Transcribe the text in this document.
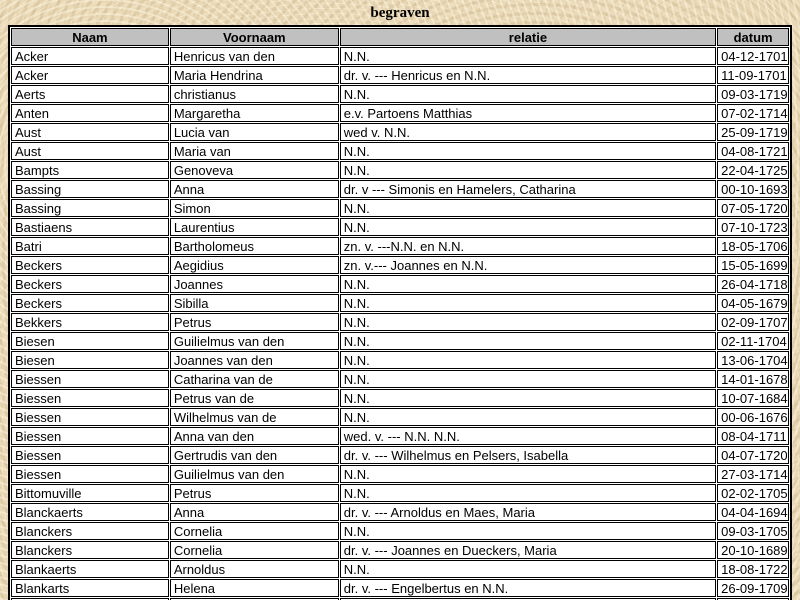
begraven
Naam	Voornaam	relatie	datum
Acker	Henricus van den	N.N.	04-12-1701
Acker	Maria Hendrina	dr. v. --- Henricus en N.N.	11-09-1701
Aerts	christianus	N.N.	09-03-1719
Anten	Margaretha	e.v. Partoens Matthias	07-02-1714
Aust	Lucia van	wed v. N.N.	25-09-1719
Aust	Maria van	N.N.	04-08-1721
Bampts	Genoveva	N.N.	22-04-1725
Bassing	Anna	dr. v --- Simonis en Hamelers, Catharina	00-10-1693
Bassing	Simon	N.N.	07-05-1720
Bastiaens	Laurentius	N.N.	07-10-1723
Batri	Bartholomeus	zn. v. ---N.N. en N.N.	18-05-1706
Beckers	Aegidius	zn. v.--- Joannes en N.N.	15-05-1699
Beckers	Joannes	N.N.	26-04-1718
Beckers	Sibilla	N.N.	04-05-1679
Bekkers	Petrus	N.N.	02-09-1707
Biesen	Guilielmus van den	N.N.	02-11-1704
Biesen	Joannes van den	N.N.	13-06-1704
Biessen	Catharina van de	N.N.	14-01-1678
Biessen	Petrus van de	N.N.	10-07-1684
Biessen	Wilhelmus van de	N.N.	00-06-1676
Biessen	Anna van den	wed. v. --- N.N. N.N.	08-04-1711
Biessen	Gertrudis van den	dr. v. --- Wilhelmus en Pelsers, Isabella	04-07-1720
Biessen	Guilielmus van den	N.N.	27-03-1714
Bittomuville	Petrus	N.N.	02-02-1705
Blanckaerts	Anna	dr. v. --- Arnoldus en Maes, Maria	04-04-1694
Blanckers	Cornelia	N.N.	09-03-1705
Blanckers	Cornelia	dr. v. --- Joannes en Dueckers, Maria	20-10-1689
Blankaerts	Arnoldus	N.N.	18-08-1722
Blankarts	Helena	dr. v. --- Engelbertus en N.N.	26-09-1709
